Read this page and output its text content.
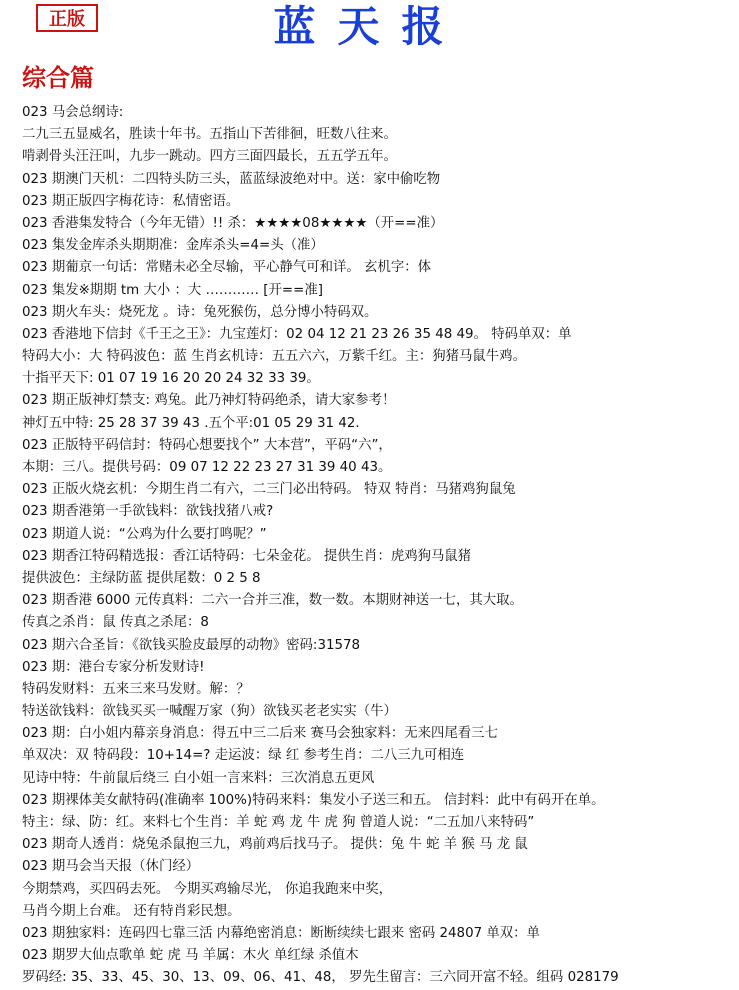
正版	蓝天报
综合篇
023 马会总纲诗:
二九三五显威名，胜读十年书。五指山下苦徘徊，旺数八往来。
啃剥骨头汪汪叫，九步一跳动。四方三面四最长，五五学五年。
023 期澳门天机：二四特头防三头，蓝蓝绿波绝对中。送：家中偷吃物
023 期正版四字梅花诗：私情密语。
023 香港集发特合（今年无错）!! 杀：★★★★08★★★★（开==准）
023 集发金库杀头期期准：金库杀头=4=头（准）
023 期葡京一句话：常赌未必全尽输，平心静气可和详。 玄机字：体
023 集发※期期 tm 大小 ：大 ………… [开==准]
023 期火车头：烧死龙 。诗：兔死猴伤，总分博小特码双。
023 香港地下信封《千王之王》：九宝莲灯：02 04 12 21 23 26 35 48 49。 特码单双：单
特码大小：大 特码波色：蓝 生肖玄机诗：五五六六，万紫千红。主：狗猪马鼠牛鸡。
十指平天下: 01 07 19 16 20 20 24 32 33 39。
023 期正版神灯禁支: 鸡兔。此乃神灯特码绝杀，请大家参考！
神灯五中特: 25 28 37 39 43 .五个平:01 05 29 31 42.
023 正版特平码信封：特码心想要找个” 大本营”，平码“六”，
本期：三八。提供号码：09 07 12 22 23 27 31 39 40 43。
023 正版火烧玄机：今期生肖二有六，二三门必出特码。 特双 特肖：马猪鸡狗鼠兔
023 期香港第一手欲钱料：欲钱找猪八戒?
023 期道人说：“公鸡为什么要打鸣呢？”
023 期香江特码精选报：香江话特码：七朵金花。 提供生肖：虎鸡狗马鼠猪
提供波色：主绿防蓝 提供尾数：0 2 5 8
023 期香港 6000 元传真料：二六一合并三准，数一数。本期财神送一七，其大取。
传真之杀肖：鼠 传真之杀尾：8
023 期六合圣旨：《欲钱买脸皮最厚的动物》密码:31578
023 期：港台专家分析发财诗!
特码发财料：五来三来马发财。解：？
特送欲钱料：欲钱买买一喊醒万家（狗）欲钱买老老实实（牛）
023 期：白小姐内幕亲身消息：得五中三二后来 赛马会独家料：无来四尾看三七
单双决：双 特码段：10+14=? 走运波：绿 红 参考生肖：二八三九可相连
见诗中特：牛前鼠后绕三 白小姐一言来料：三次消息五更风
023 期裸体美女献特码(准确率 100%)特码来料：集发小子送三和五。 信封料：此中有码开在单。
特主：绿、防：红。来料七个生肖：羊 蛇 鸡 龙 牛 虎 狗 曾道人说：“二五加八来特码”
023 期奇人透肖：烧兔杀鼠抱三九，鸡前鸡后找马子。 提供：兔 牛 蛇 羊 猴 马 龙 鼠
023 期马会当天报（休门经）
今期禁鸡，买四码去死。 今期买鸡输尽光， 你追我跑来中奖，
马肖今期上台难。 还有特肖彩民想。
023 期独家料：连码四七靠三活 内幕绝密消息：断断续续七跟来 密码 24807 单双：单
023 期罗大仙点歌单 蛇 虎 马 羊属：木火 单红绿 杀值木
罗码经: 35、33、45、30、13、09、06、41、48， 罗先生留言：三六同开富不轻。组码 028179
